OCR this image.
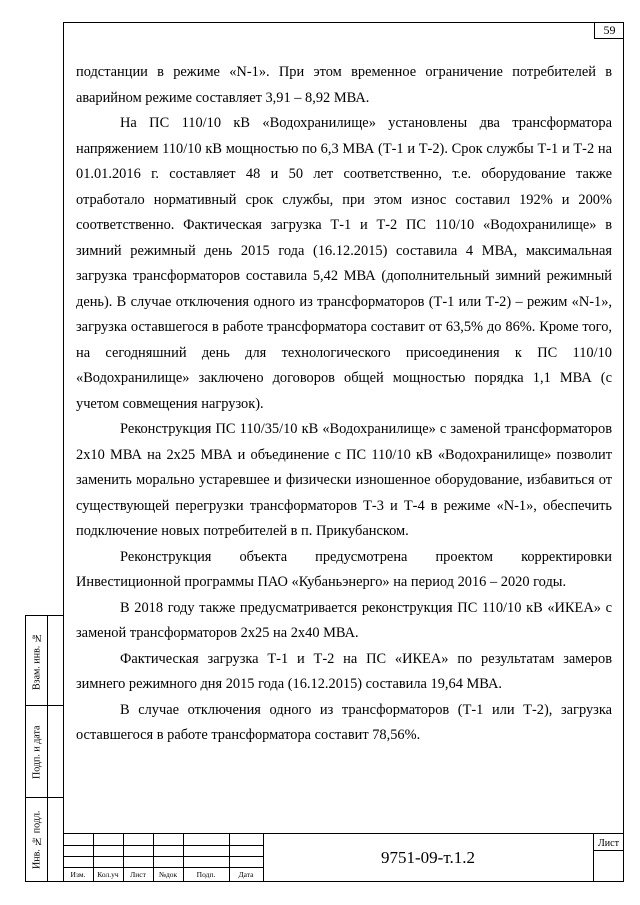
59

подстанции в режиме «N-1». При этом временное ограничение потребителей в аварийном режиме составляет 3,91 – 8,92 МВА.

На ПС 110/10 кВ «Водохранилище» установлены два трансформатора напряжением 110/10 кВ мощностью по 6,3 МВА (Т-1 и Т-2). Срок службы Т-1 и Т-2 на 01.01.2016 г. составляет 48 и 50 лет соответственно, т.е. оборудование также отработало нормативный срок службы, при этом износ составил 192% и 200% соответственно. Фактическая загрузка Т-1 и Т-2 ПС 110/10 «Водохранилище» в зимний режимный день 2015 года (16.12.2015) составила 4 МВА, максимальная загрузка трансформаторов составила 5,42 МВА (дополнительный зимний режимный день). В случае отключения одного из трансформаторов (Т-1 или Т-2) – режим «N-1», загрузка оставшегося в работе трансформатора составит от 63,5% до 86%. Кроме того, на сегодняшний день для технологического присоединения к ПС 110/10 «Водохранилище» заключено договоров общей мощностью порядка 1,1 МВА (с учетом совмещения нагрузок).

Реконструкция ПС 110/35/10 кВ «Водохранилище» с заменой трансформаторов 2х10 МВА на 2х25 МВА и объединение с ПС 110/10 кВ «Водохранилище» позволит заменить морально устаревшее и физически изношенное оборудование, избавиться от существующей перегрузки трансформаторов Т-3 и Т-4 в режиме «N-1», обеспечить подключение новых потребителей в п. Прикубанском.

Реконструкция объекта предусмотрена проектом корректировки Инвестиционной программы ПАО «Кубаньэнерго» на период 2016 – 2020 годы.

В 2018 году также предусматривается реконструкция ПС 110/10 кВ «ИКЕА» с заменой трансформаторов 2х25 на 2х40 МВА.

Фактическая загрузка Т-1 и Т-2 на ПС «ИКЕА» по результатам замеров зимнего режимного дня 2015 года (16.12.2015) составила 19,64 МВА.

В случае отключения одного из трансформаторов (Т-1 или Т-2), загрузка оставшегося в работе трансформатора составит 78,56%.

Взам. инв. №
Подп. и дата
Инв. № подл.
Изм.	Кол.уч	Лист	№док	Подп.	Дата
9751-09-т.1.2
Лист
